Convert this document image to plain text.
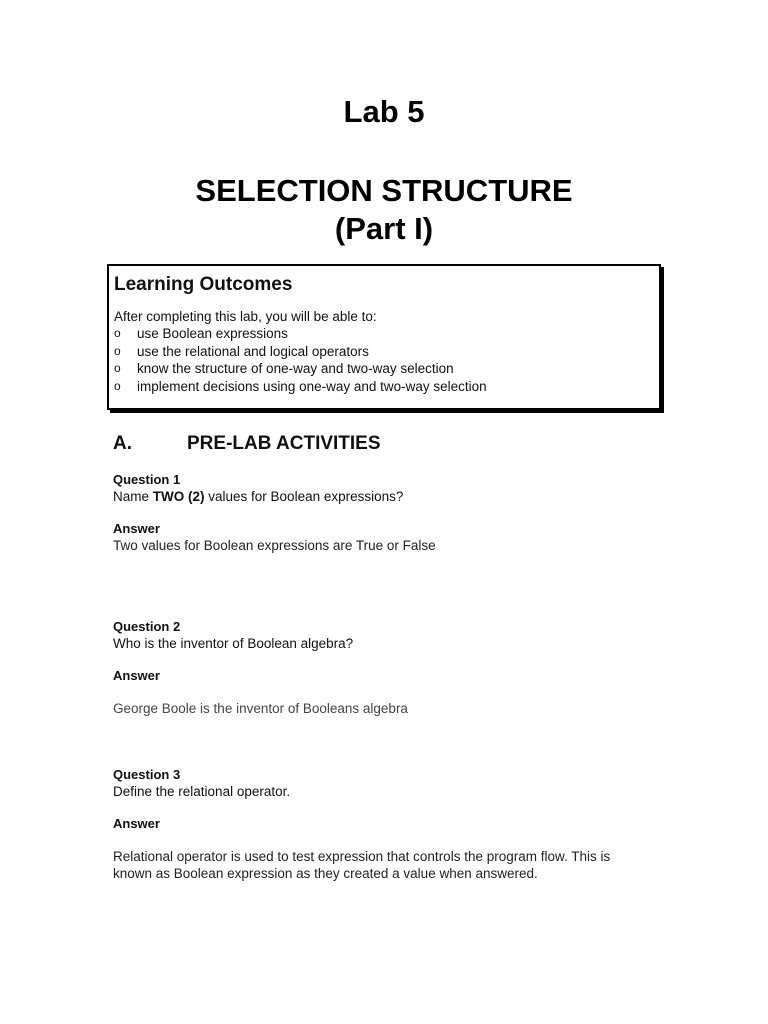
Lab 5
SELECTION STRUCTURE
(Part I)
Learning Outcomes
After completing this lab, you will be able to:
o	use Boolean expressions
o	use the relational and logical operators
o	know the structure of one-way and two-way selection
o	implement decisions using one-way and two-way selection
A.	PRE-LAB ACTIVITIES
Question 1
Name TWO (2) values for Boolean expressions?
Answer
Two values for Boolean expressions are True or False
Question 2
Who is the inventor of Boolean algebra?
Answer
George Boole is the inventor of Booleans algebra
Question 3
Define the relational operator.
Answer
Relational operator is used to test expression that controls the program flow. This is
known as Boolean expression as they created a value when answered.
